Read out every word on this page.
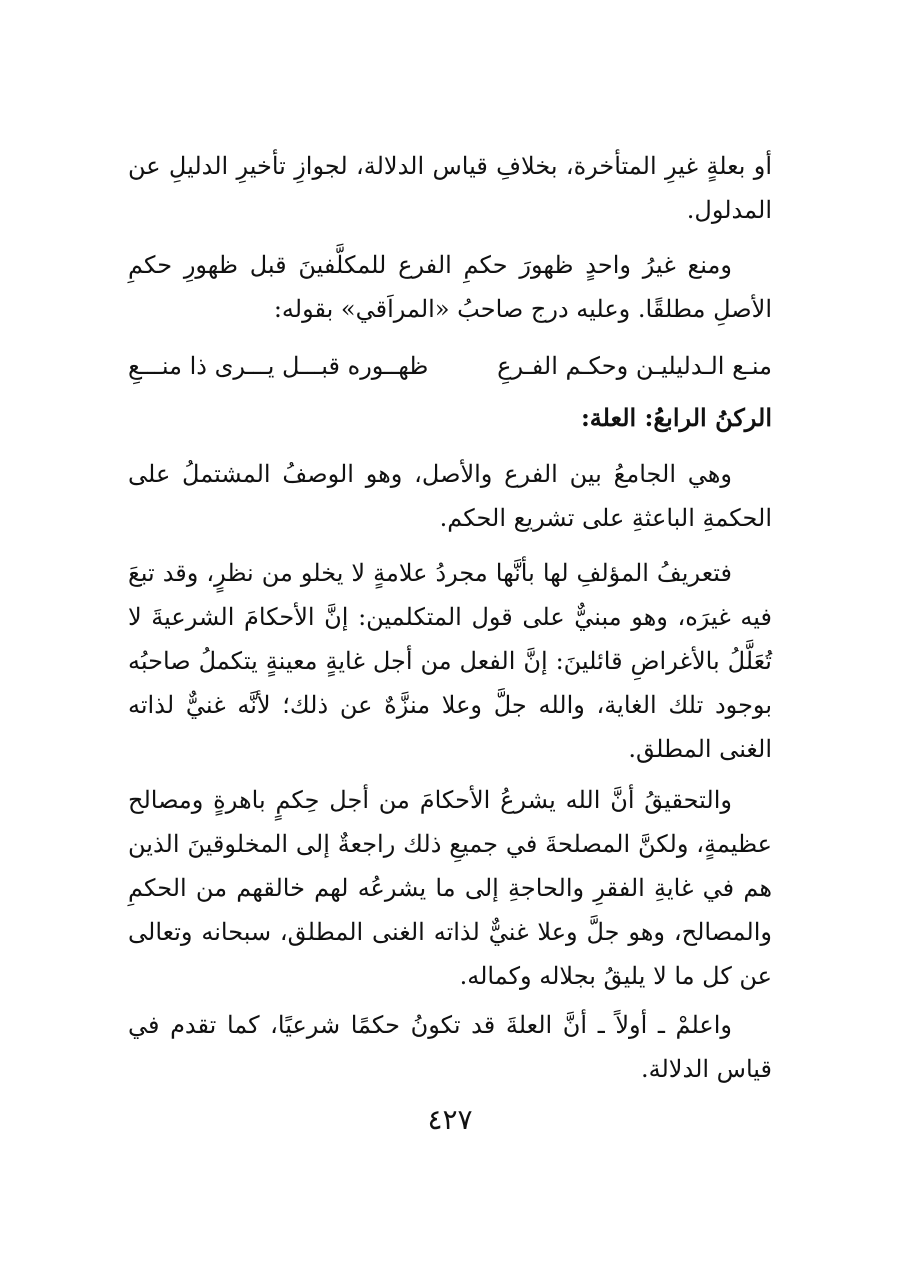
أو بعلةٍ غيرِ المتأخرة، بخلافِ قياس الدلالة، لجوازِ تأخيرِ الدليلِ عن المدلول.

ومنع غيرُ واحدٍ ظهورَ حكمِ الفرع للمكلَّفينَ قبل ظهورِ حكمِ الأصلِ مطلقًا. وعليه درج صاحبُ «المراَقي» بقوله:

منـع الـدليليـن وحكـم الفـرعِ
ظهــوره قبـــل يـــرى ذا منـــعِ
الركنُ الرابعُ: العلة:

وهي الجامعُ بين الفرع والأصل، وهو الوصفُ المشتملُ على الحكمةِ الباعثةِ على تشريع الحكم.

فتعريفُ المؤلفِ لها بأنَّها مجردُ علامةٍ لا يخلو من نظرٍ، وقد تبعَ فيه غيرَه، وهو مبنيٌّ على قول المتكلمين: إنَّ الأحكامَ الشرعيةَ لا تُعَلَّلُ بالأغراضِ قائلينَ: إنَّ الفعل من أجل غايةٍ معينةٍ يتكملُ صاحبُه بوجود تلك الغاية، والله جلَّ وعلا منزَّهٌ عن ذلك؛ لأنَّه غنيٌّ لذاته الغنى المطلق.

والتحقيقُ أنَّ الله يشرعُ الأحكامَ من أجل حِكمٍ باهرةٍ ومصالح عظيمةٍ، ولكنَّ المصلحةَ في جميعِ ذلك راجعةٌ إلى المخلوقينَ الذين هم في غايةِ الفقرِ والحاجةِ إلى ما يشرعُه لهم خالقهم من الحكمِ والمصالح، وهو جلَّ وعلا غنيٌّ لذاته الغنى المطلق، سبحانه وتعالى عن كل ما لا يليقُ بجلاله وكماله.

واعلمْ ـ أولاً ـ أنَّ العلةَ قد تكونُ حكمًا شرعيًا، كما تقدم في قياس الدلالة.

٤٢٧
